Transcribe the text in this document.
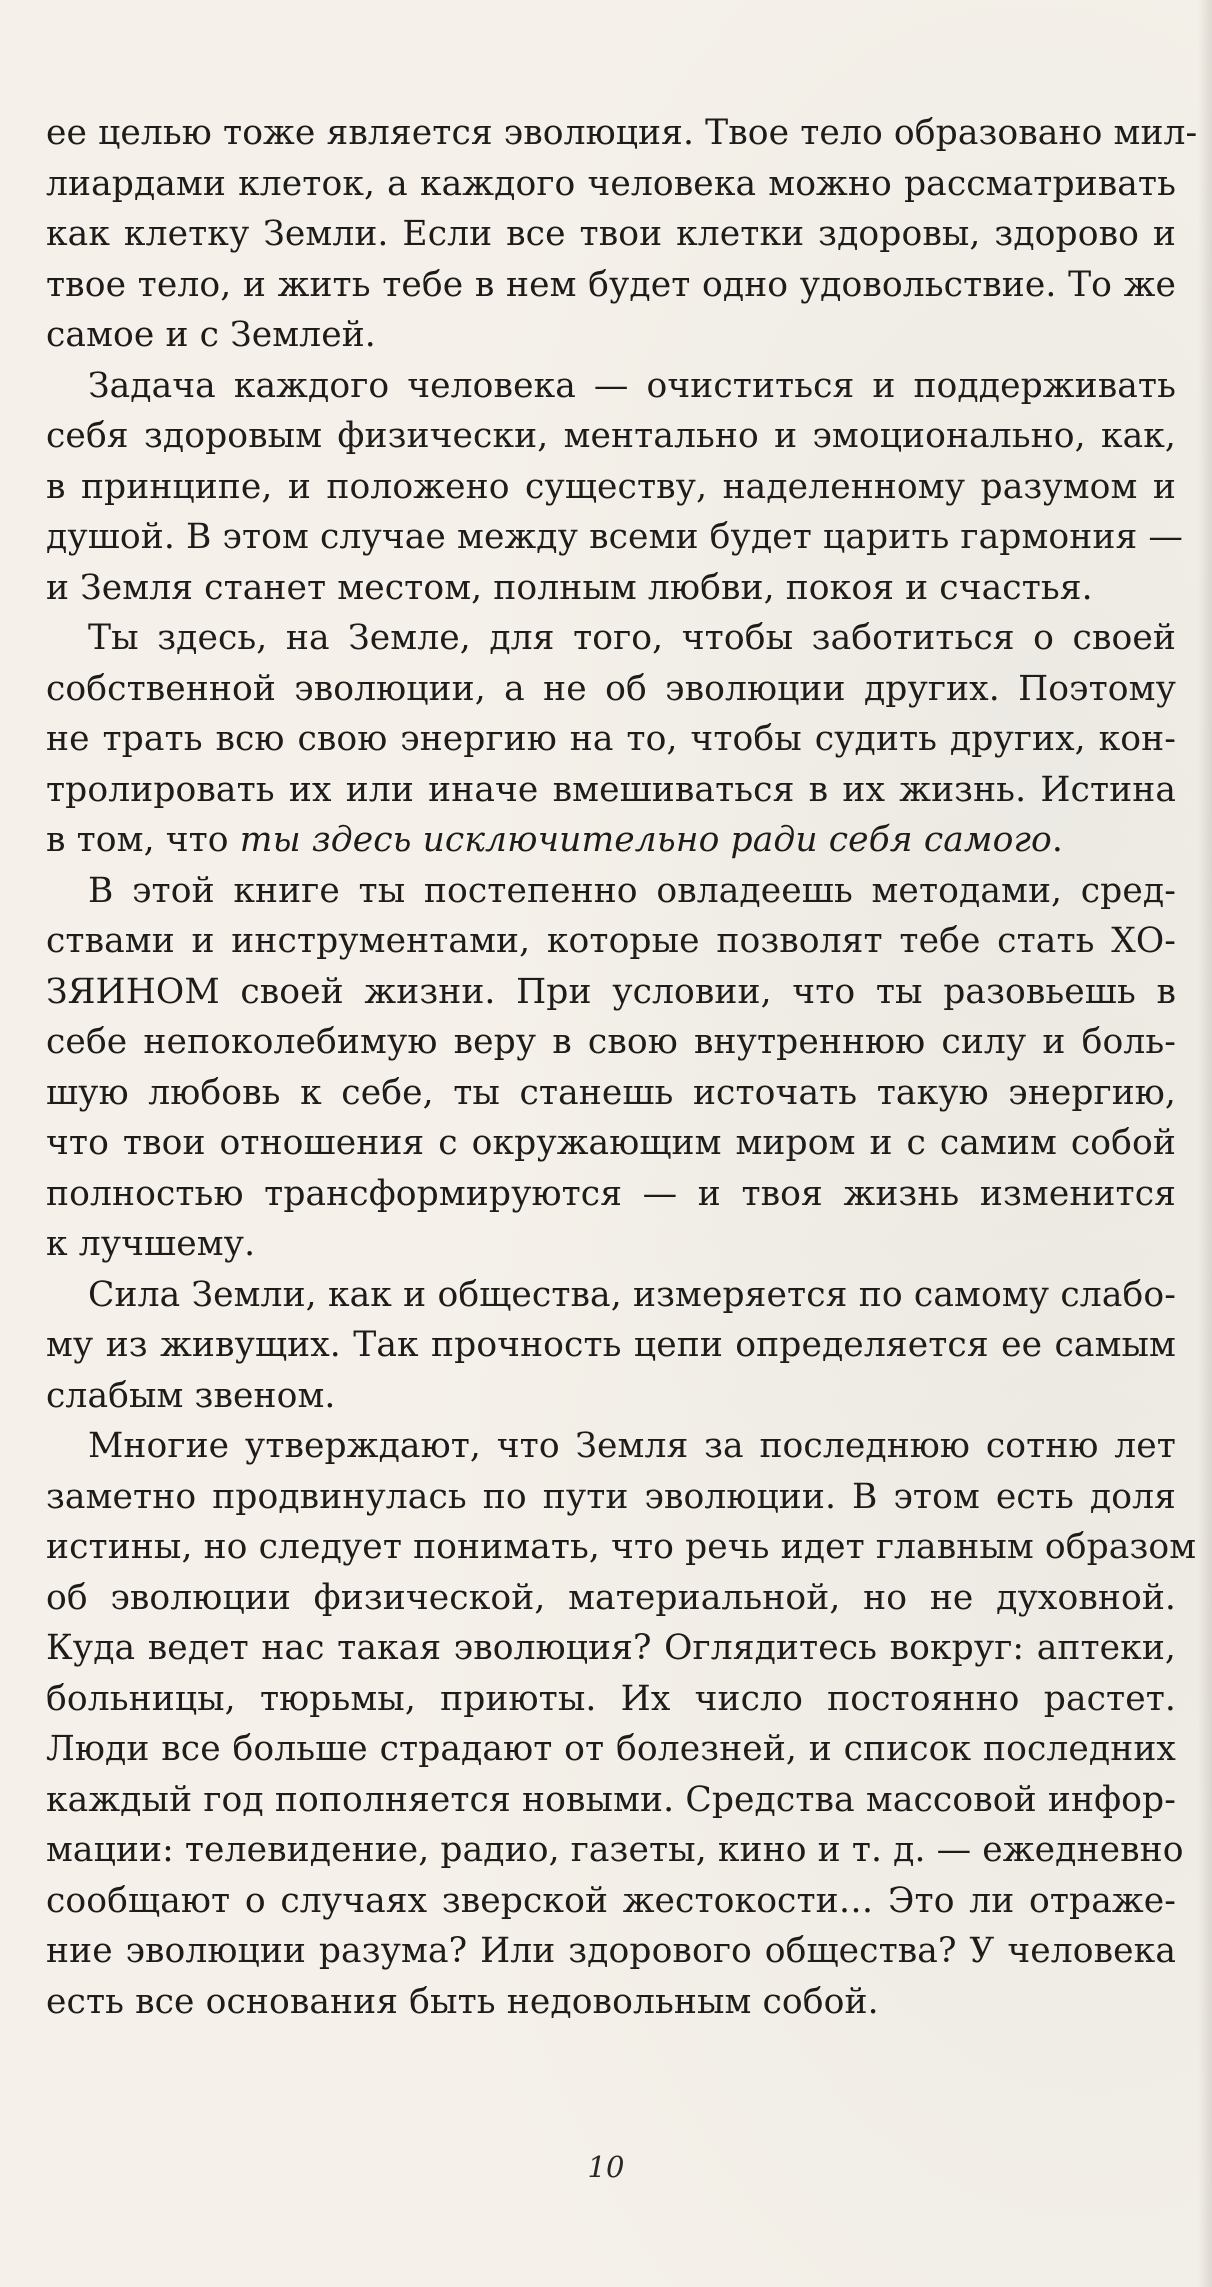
ее целью тоже является эволюция. Твое тело образовано мил-
лиардами клеток, а каждого человека можно рассматривать
как клетку Земли. Если все твои клетки здоровы, здорово и
твое тело, и жить тебе в нем будет одно удовольствие. То же
самое и с Землей.
Задача каждого человека — очиститься и поддерживать
себя здоровым физически, ментально и эмоционально, как,
в принципе, и положено существу, наделенному разумом и
душой. В этом случае между всеми будет царить гармония —
и Земля станет местом, полным любви, покоя и счастья.
Ты здесь, на Земле, для того, чтобы заботиться о своей
собственной эволюции, а не об эволюции других. Поэтому
не трать всю свою энергию на то, чтобы судить других, кон-
тролировать их или иначе вмешиваться в их жизнь. Истина
в том, что ты здесь исключительно ради себя самого.
В этой книге ты постепенно овладеешь методами, сред-
ствами и инструментами, которые позволят тебе стать ХО-
ЗЯИНОМ своей жизни. При условии, что ты разовьешь в
себе непоколебимую веру в свою внутреннюю силу и боль-
шую любовь к себе, ты станешь источать такую энергию,
что твои отношения с окружающим миром и с самим собой
полностью трансформируются — и твоя жизнь изменится
к лучшему.
Сила Земли, как и общества, измеряется по самому слабо-
му из живущих. Так прочность цепи определяется ее самым
слабым звеном.
Многие утверждают, что Земля за последнюю сотню лет
заметно продвинулась по пути эволюции. В этом есть доля
истины, но следует понимать, что речь идет главным образом
об эволюции физической, материальной, но не духовной.
Куда ведет нас такая эволюция? Оглядитесь вокруг: аптеки,
больницы, тюрьмы, приюты. Их число постоянно растет.
Люди все больше страдают от болезней, и список последних
каждый год пополняется новыми. Средства массовой инфор-
мации: телевидение, радио, газеты, кино и т. д. — ежедневно
сообщают о случаях зверской жестокости… Это ли отраже-
ние эволюции разума? Или здорового общества? У человека
есть все основания быть недовольным собой.
10
